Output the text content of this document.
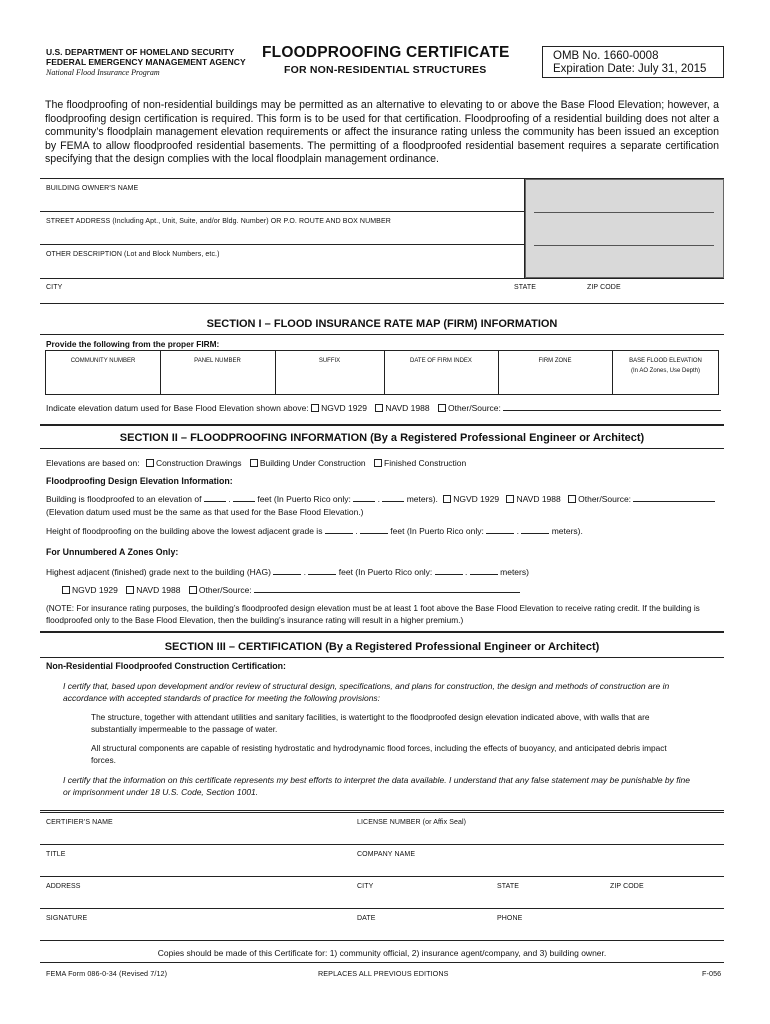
U.S. DEPARTMENT OF HOMELAND SECURITY
FEDERAL EMERGENCY MANAGEMENT AGENCY
National Flood Insurance Program
FLOODPROOFING CERTIFICATE
FOR NON-RESIDENTIAL STRUCTURES
OMB No. 1660-0008
Expiration Date: July 31, 2015
The floodproofing of non-residential buildings may be permitted as an alternative to elevating to or above the Base Flood Elevation; however, a floodproofing design certification is required. This form is to be used for that certification. Floodproofing of a residential building does not alter a community’s floodplain management elevation requirements or affect the insurance rating unless the community has been issued an exception by FEMA to allow floodproofed residential basements. The permitting of a floodproofed residential basement requires a separate certification specifying that the design complies with the local floodplain management ordinance.
BUILDING OWNER’S NAME
STREET ADDRESS (Including Apt., Unit, Suite, and/or Bldg. Number) OR P.O. ROUTE AND BOX NUMBER
OTHER DESCRIPTION (Lot and Block Numbers, etc.)
CITY	STATE	ZIP CODE
SECTION I – FLOOD INSURANCE RATE MAP (FIRM) INFORMATION
Provide the following from the proper FIRM:
COMMUNITY NUMBER	PANEL NUMBER	SUFFIX	DATE OF FIRM INDEX	FIRM ZONE	BASE FLOOD ELEVATION
(In AO Zones, Use Depth)
Indicate elevation datum used for Base Flood Elevation shown above: NGVD 1929 NAVD 1988 Other/Source:
SECTION II – FLOODPROOFING INFORMATION (By a Registered Professional Engineer or Architect)
Elevations are based on: Construction Drawings Building Under Construction Finished Construction
Floodproofing Design Elevation Information:
Building is floodproofed to an elevation of	.	feet (In Puerto Rico only:	.	meters). NGVD 1929 NAVD 1988 Other/Source:
(Elevation datum used must be the same as that used for the Base Flood Elevation.)
Height of floodproofing on the building above the lowest adjacent grade is	.	feet (In Puerto Rico only:	.	meters).
For Unnumbered A Zones Only:
Highest adjacent (finished) grade next to the building (HAG)	.	feet (In Puerto Rico only:	.	meters)
NGVD 1929 NAVD 1988 Other/Source:
(NOTE: For insurance rating purposes, the building’s floodproofed design elevation must be at least 1 foot above the Base Flood Elevation to receive rating credit. If the building is floodproofed only to the Base Flood Elevation, then the building’s insurance rating will result in a higher premium.)
SECTION III – CERTIFICATION (By a Registered Professional Engineer or Architect)
Non-Residential Floodproofed Construction Certification:
I certify that, based upon development and/or review of structural design, specifications, and plans for construction, the design and methods of construction are in accordance with accepted standards of practice for meeting the following provisions:
The structure, together with attendant utilities and sanitary facilities, is watertight to the floodproofed design elevation indicated above, with walls that are substantially impermeable to the passage of water.
All structural components are capable of resisting hydrostatic and hydrodynamic flood forces, including the effects of buoyancy, and anticipated debris impact forces.
I certify that the information on this certificate represents my best efforts to interpret the data available. I understand that any false statement may be punishable by fine or imprisonment under 18 U.S. Code, Section 1001.
CERTIFIER’S NAME	LICENSE NUMBER (or Affix Seal)
TITLE	COMPANY NAME
ADDRESS	CITY	STATE	ZIP CODE
SIGNATURE	DATE	PHONE
Copies should be made of this Certificate for: 1) community official, 2) insurance agent/company, and 3) building owner.
FEMA Form 086-0-34 (Revised 7/12)	REPLACES ALL PREVIOUS EDITIONS	F-056
